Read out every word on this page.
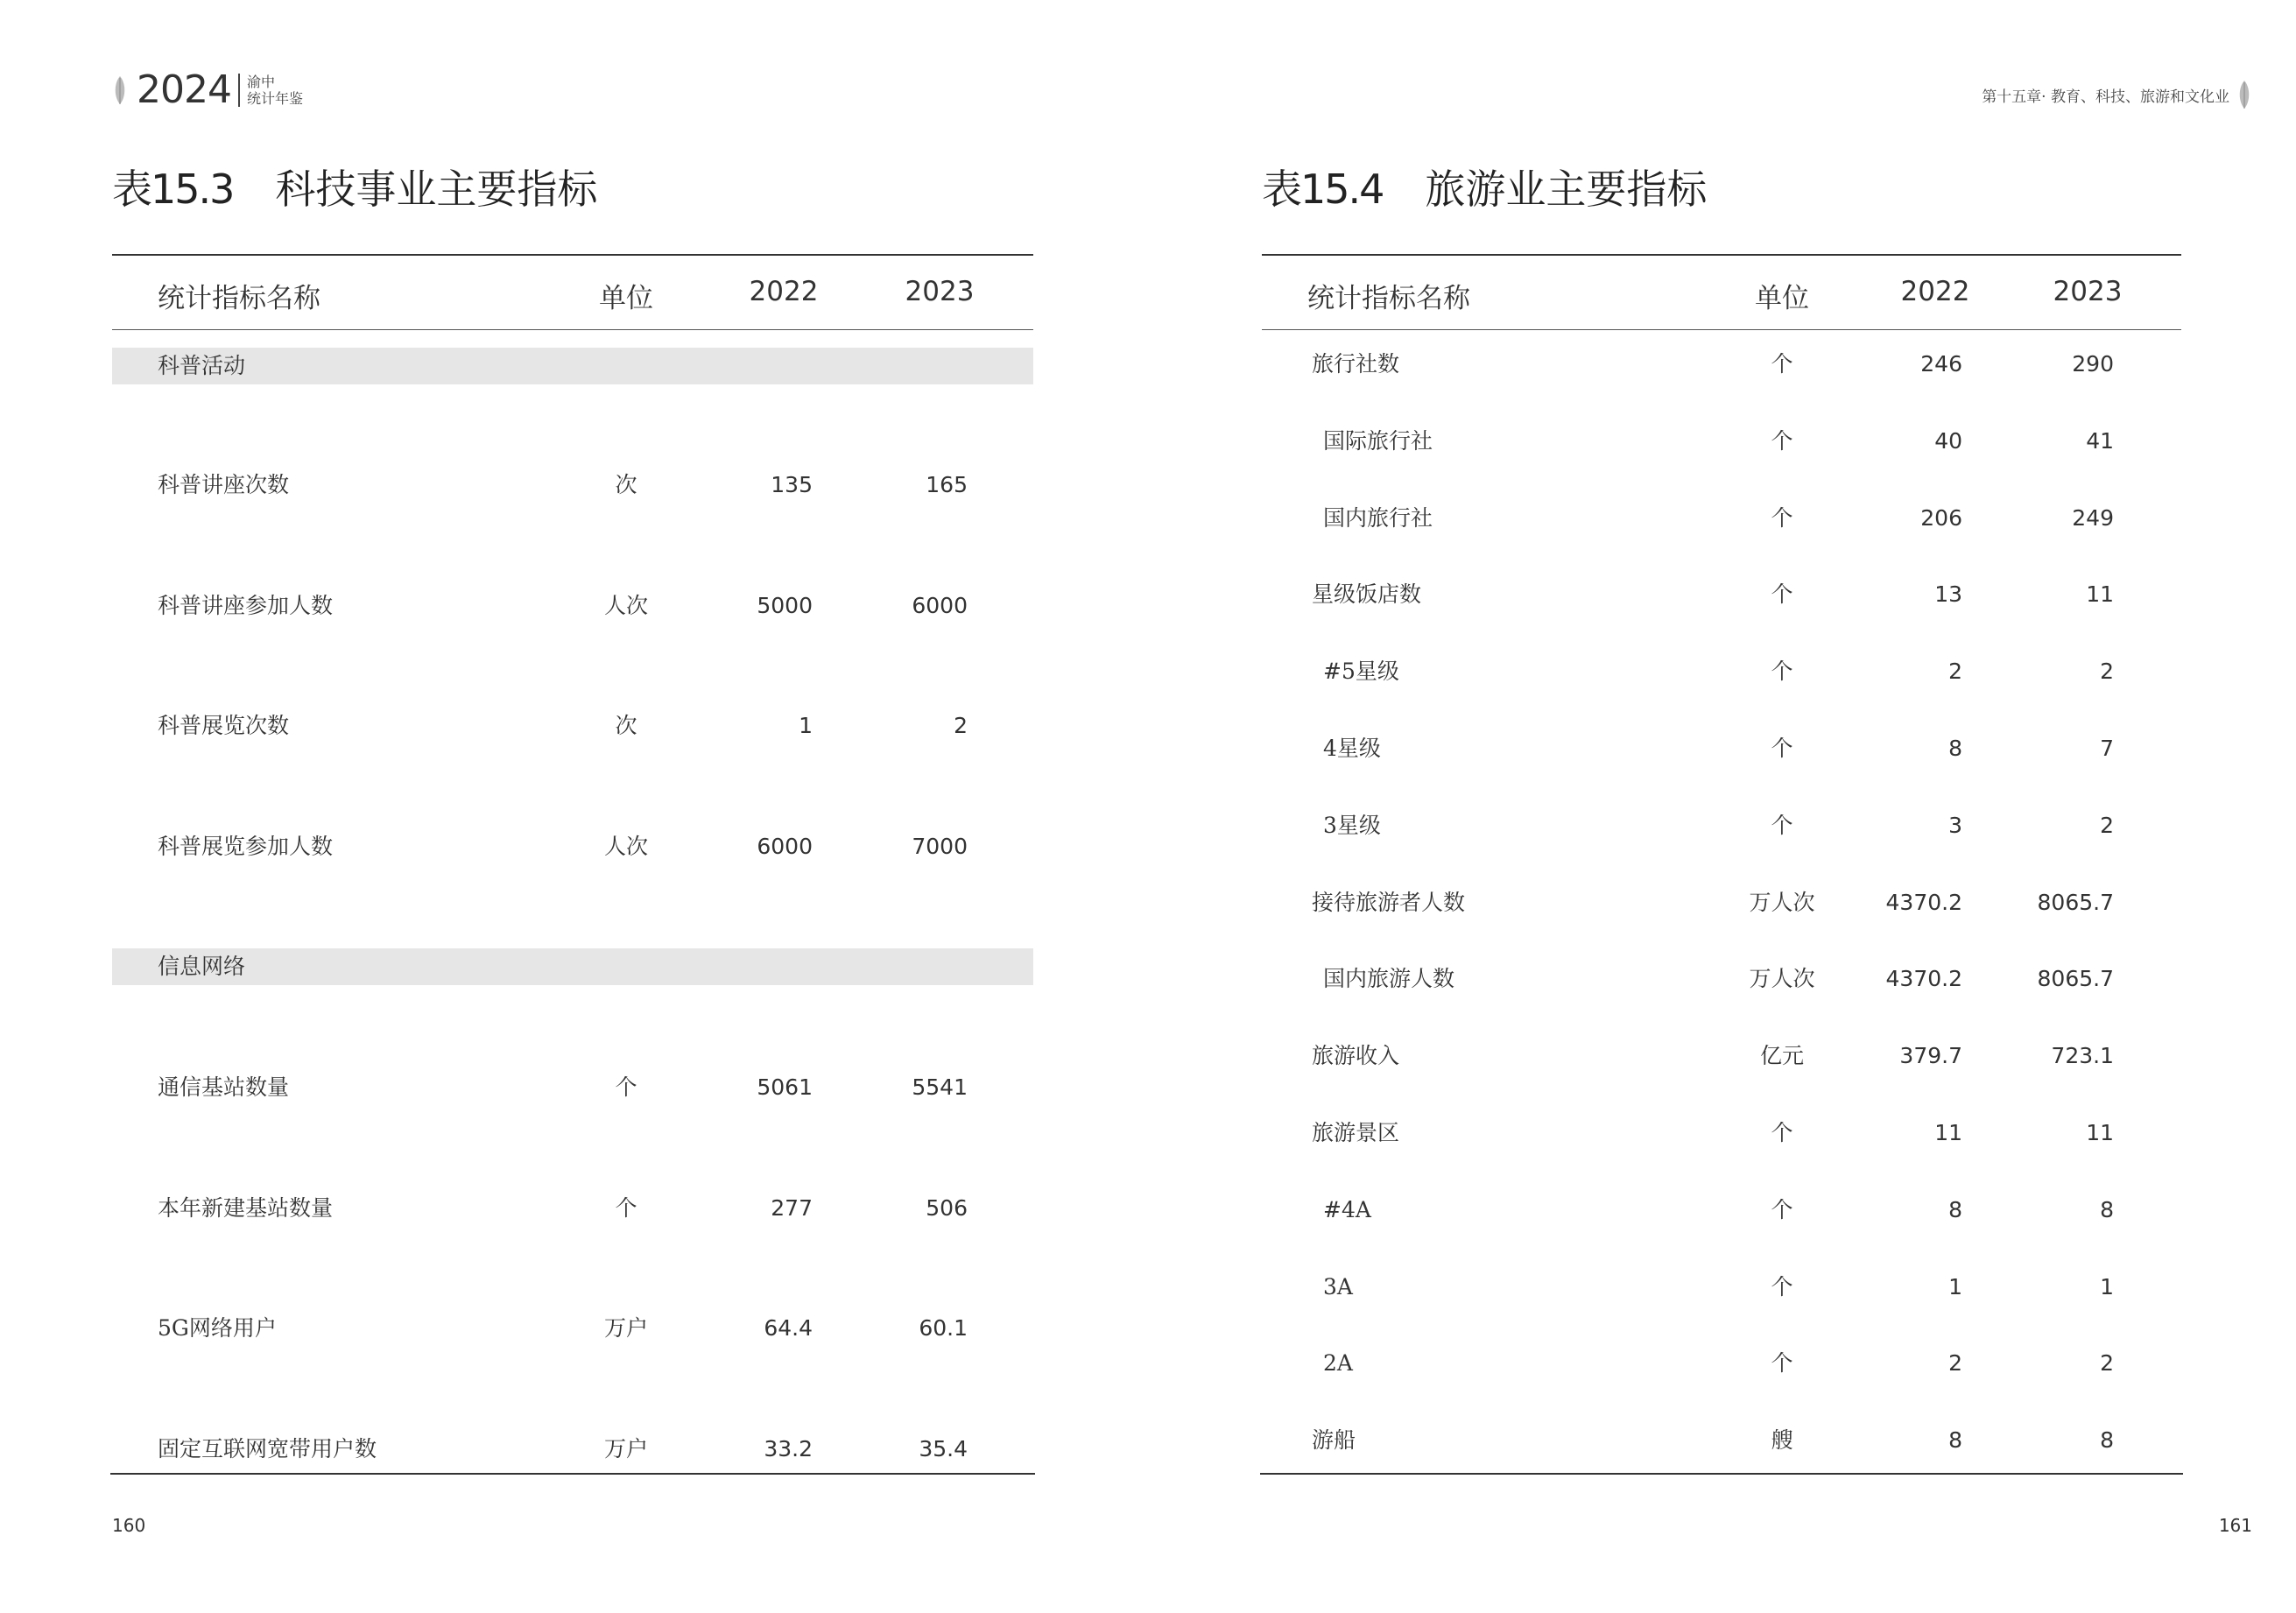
2024 渝中
统计年鉴
表15.3 科技事业主要指标
统计指标名称	单位	2022	2023
科普活动
科普讲座次数	次	135	165
科普讲座参加人数	人次	5000	6000
科普展览次数	次	1	2
科普展览参加人数	人次	6000	7000
信息网络
通信基站数量	个	5061	5541
本年新建基站数量	个	277	506
5G网络用户	万户	64.4	60.1
固定互联网宽带用户数	万户	33.2	35.4
160
第十五章· 教育、科技、旅游和文化业
表15.4 旅游业主要指标
统计指标名称	单位	2022	2023
旅行社数	个	246	290
国际旅行社	个	40	41
国内旅行社	个	206	249
星级饭店数	个	13	11
#5星级	个	2	2
4星级	个	8	7
3星级	个	3	2
接待旅游者人数	万人次	4370.2	8065.7
国内旅游人数	万人次	4370.2	8065.7
旅游收入	亿元	379.7	723.1
旅游景区	个	11	11
#4A	个	8	8
3A	个	1	1
2A	个	2	2
游船	艘	8	8
161
